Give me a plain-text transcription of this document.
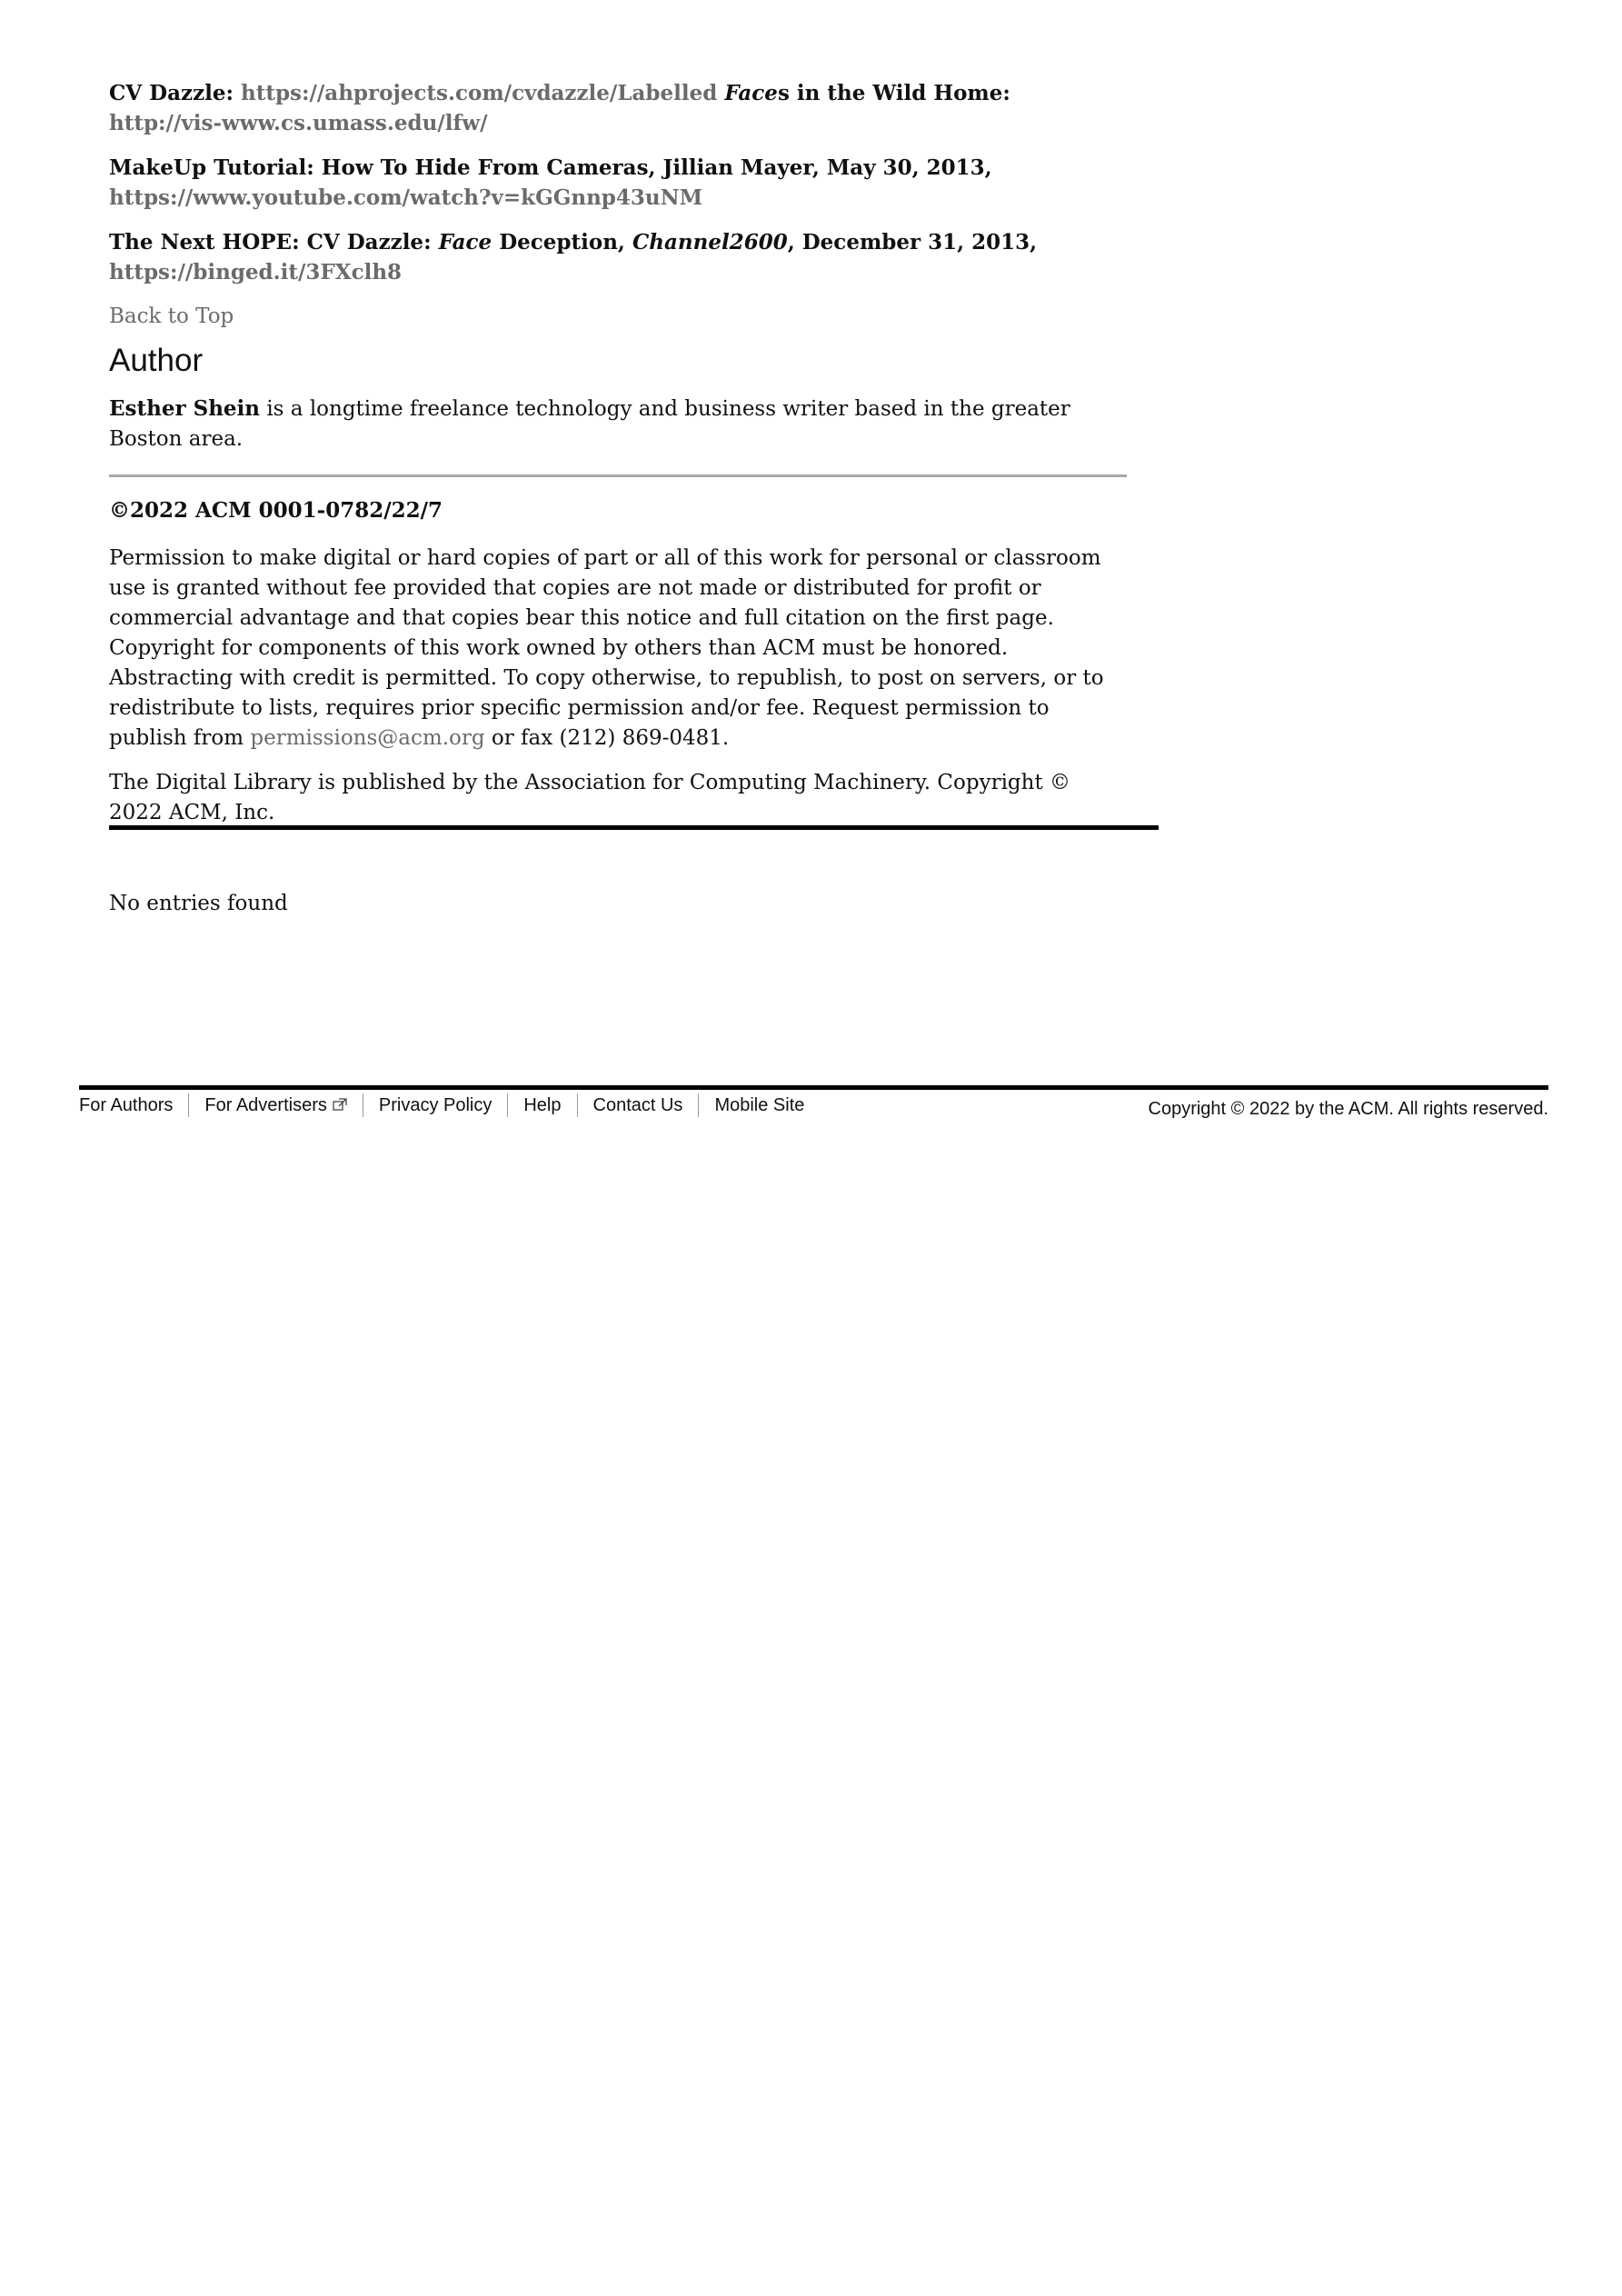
CV Dazzle: https://ahprojects.com/cvdazzle/Labelled Faces in the Wild Home: http://vis-www.cs.umass.edu/lfw/
MakeUp Tutorial: How To Hide From Cameras, Jillian Mayer, May 30, 2013,
https://www.youtube.com/watch?v=kGGnnp43uNM
The Next HOPE: CV Dazzle: Face Deception, Channel2600, December 31, 2013,
https://binged.it/3FXclh8
Back to Top
Author

Esther Shein is a longtime freelance technology and business writer based in the greater Boston area.

©2022 ACM 0001-0782/22/7

Permission to make digital or hard copies of part or all of this work for personal or classroom use is granted without fee provided that copies are not made or distributed for profit or commercial advantage and that copies bear this notice and full citation on the first page. Copyright for components of this work owned by others than ACM must be honored. Abstracting with credit is permitted. To copy otherwise, to republish, to post on servers, or to redistribute to lists, requires prior specific permission and/or fee. Request permission to publish from permissions@acm.org or fax (212) 869-0481.

The Digital Library is published by the Association for Computing Machinery. Copyright © 2022 ACM, Inc.

No entries found
For Authors For Advertisers	Privacy Policy Help Contact Us Mobile Site	Copyright © 2022 by the ACM. All rights reserved.
